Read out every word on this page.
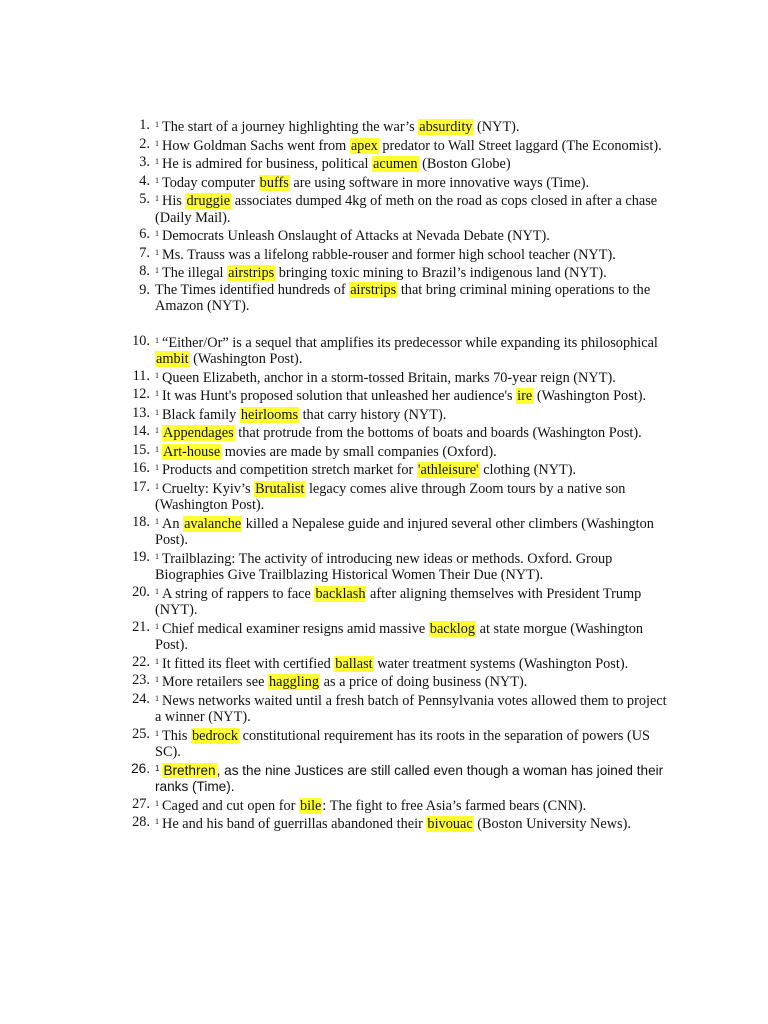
1. $^1$ The start of a journey highlighting the war’s absurdity (NYT).
2. $^1$ How Goldman Sachs went from apex predator to Wall Street laggard (The Economist).
3. $^1$ He is admired for business, political acumen (Boston Globe)
4. $^1$ Today computer buffs are using software in more innovative ways (Time).
5. $^1$ His druggie associates dumped 4kg of meth on the road as cops closed in after a chase (Daily Mail).
6. $^1$ Democrats Unleash Onslaught of Attacks at Nevada Debate (NYT).
7. $^1$ Ms. Trauss was a lifelong rabble-rouser and former high school teacher (NYT).
8. $^1$ The illegal airstrips bringing toxic mining to Brazil’s indigenous land (NYT).
9. The Times identified hundreds of airstrips that bring criminal mining operations to the Amazon (NYT).
10. $^1$ “Either/Or” is a sequel that amplifies its predecessor while expanding its philosophical ambit (Washington Post).
11. $^1$ Queen Elizabeth, anchor in a storm-tossed Britain, marks 70-year reign (NYT).
12. $^1$ It was Hunt's proposed solution that unleashed her audience's ire (Washington Post).
13. $^1$ Black family heirlooms that carry history (NYT).
14. $^1$ Appendages that protrude from the bottoms of boats and boards (Washington Post).
15. $^1$ Art-house movies are made by small companies (Oxford).
16. $^1$ Products and competition stretch market for 'athleisure' clothing (NYT).
17. $^1$ Cruelty: Kyiv’s Brutalist legacy comes alive through Zoom tours by a native son (Washington Post).
18. $^1$ An avalanche killed a Nepalese guide and injured several other climbers (Washington Post).
19. $^1$ Trailblazing: The activity of introducing new ideas or methods. Oxford. Group Biographies Give Trailblazing Historical Women Their Due (NYT).
20. $^1$ A string of rappers to face backlash after aligning themselves with President Trump (NYT).
21. $^1$ Chief medical examiner resigns amid massive backlog at state morgue (Washington Post).
22. $^1$ It fitted its fleet with certified ballast water treatment systems (Washington Post).
23. $^1$ More retailers see haggling as a price of doing business (NYT).
24. $^1$ News networks waited until a fresh batch of Pennsylvania votes allowed them to project a winner (NYT).
25. $^1$ This bedrock constitutional requirement has its roots in the separation of powers (US SC).
26. $^1$ Brethren, as the nine Justices are still called even though a woman has joined their ranks (Time).
27. $^1$ Caged and cut open for bile: The fight to free Asia’s farmed bears (CNN).
28. $^1$ He and his band of guerrillas abandoned their bivouac (Boston University News).
